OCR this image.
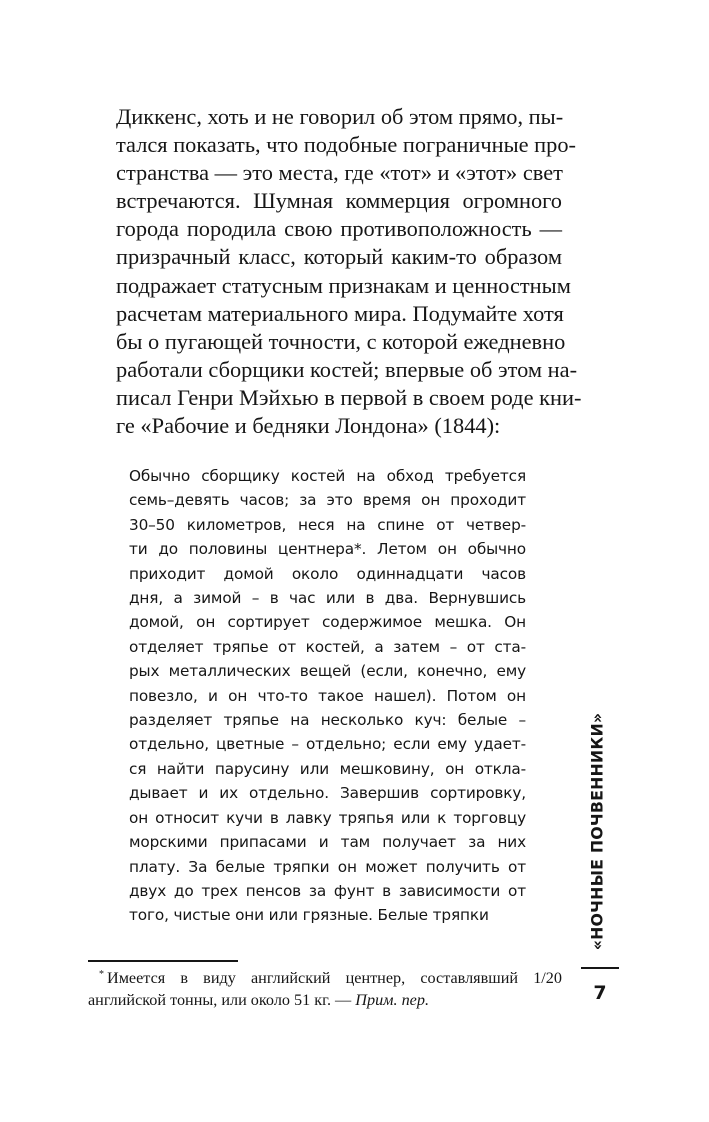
Диккенс, хоть и не говорил об этом прямо, пы-
тался показать, что подобные пограничные про-
странства — это места, где «тот» и «этот» свет
встречаются. Шумная коммерция огромного
города породила свою противоположность —
призрачный класс, который каким-то образом
подражает статусным признакам и ценностным
расчетам материального мира. Подумайте хотя
бы о пугающей точности, с которой ежедневно
работали сборщики костей; впервые об этом на-
писал Генри Мэйхью в первой в своем роде кни-
ге «Рабочие и бедняки Лондона» (1844):
Обычно сборщику костей на обход требуется
семь–девять часов; за это время он проходит
30–50 километров, неся на спине от четвер-
ти до половины центнера*. Летом он обычно
приходит домой около одиннадцати часов
дня, а зимой – в час или в два. Вернувшись
домой, он сортирует содержимое мешка. Он
отделяет тряпье от костей, а затем – от ста-
рых металлических вещей (если, конечно, ему
повезло, и он что-то такое нашел). Потом он
разделяет тряпье на несколько куч: белые –
отдельно, цветные – отдельно; если ему удает-
ся найти парусину или мешковину, он откла-
дывает и их отдельно. Завершив сортировку,
он относит кучи в лавку тряпья или к торговцу
морскими припасами и там получает за них
плату. За белые тряпки он может получить от
двух до трех пенсов за фунт в зависимости от
того, чистые они или грязные. Белые тряпки
* Имеется в виду английский центнер, составлявший 1/20
английской тонны, или около 51 кг. — Прим. пер.
«НОЧНЫЕ ПОЧВЕННИКИ»
7
